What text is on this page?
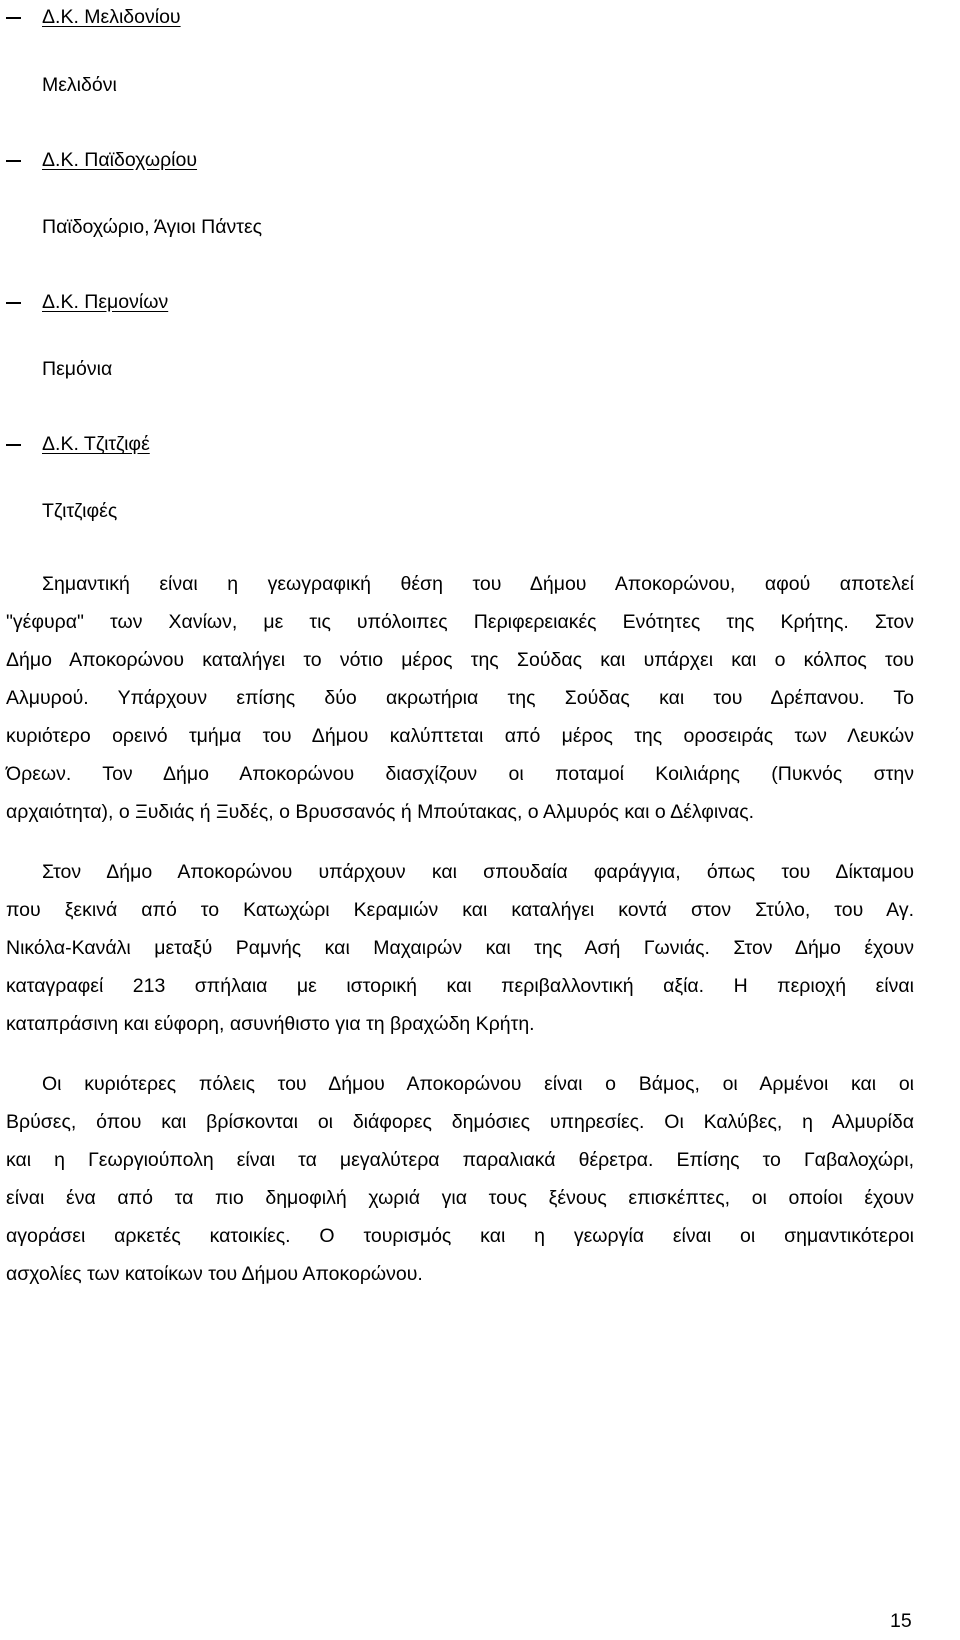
Δ.Κ. Μελιδονίου
Μελιδόνι
Δ.Κ. Παϊδοχωρίου
Παϊδοχώριο, Άγιοι Πάντες
Δ.Κ. Πεμονίων
Πεμόνια
Δ.Κ. Τζιτζιφέ
Τζιτζιφές
Σημαντική είναι η γεωγραφική θέση του Δήμου Αποκορώνου, αφού αποτελεί
"γέφυρα" των Χανίων, με τις υπόλοιπες Περιφερειακές Ενότητες της Κρήτης. Στον
Δήμο Αποκορώνου καταλήγει το νότιο μέρος της Σούδας και υπάρχει και ο κόλπος του
Αλμυρού. Υπάρχουν επίσης δύο ακρωτήρια της Σούδας και του Δρέπανου. Το
κυριότερο ορεινό τμήμα του Δήμου καλύπτεται από μέρος της οροσειράς των Λευκών
Όρεων. Τον Δήμο Αποκορώνου διασχίζουν οι ποταμοί Κοιλιάρης (Πυκνός στην
αρχαιότητα), ο Ξυδιάς ή Ξυδές, ο Βρυσσανός ή Μπούτακας, ο Αλμυρός και ο Δέλφινας.
Στον Δήμο Αποκορώνου υπάρχουν και σπουδαία φαράγγια, όπως του Δίκταμου
που ξεκινά από το Κατωχώρι Κεραμιών και καταλήγει κοντά στον Στύλο, του Αγ.
Νικόλα-Κανάλι μεταξύ Ραμνής και Μαχαιρών και της Ασή Γωνιάς. Στον Δήμο έχουν
καταγραφεί 213 σπήλαια με ιστορική και περιβαλλοντική αξία. Η περιοχή είναι
καταπράσινη και εύφορη, ασυνήθιστο για τη βραχώδη Κρήτη.
Οι κυριότερες πόλεις του Δήμου Αποκορώνου είναι ο Βάμος, οι Αρμένοι και οι
Βρύσες, όπου και βρίσκονται οι διάφορες δημόσιες υπηρεσίες. Οι Καλύβες, η Αλμυρίδα
και η Γεωργιούπολη είναι τα μεγαλύτερα παραλιακά θέρετρα. Επίσης το Γαβαλοχώρι,
είναι ένα από τα πιο δημοφιλή χωριά για τους ξένους επισκέπτες, οι οποίοι έχουν
αγοράσει αρκετές κατοικίες. Ο τουρισμός και η γεωργία είναι οι σημαντικότεροι
ασχολίες των κατοίκων του Δήμου Αποκορώνου.
15
